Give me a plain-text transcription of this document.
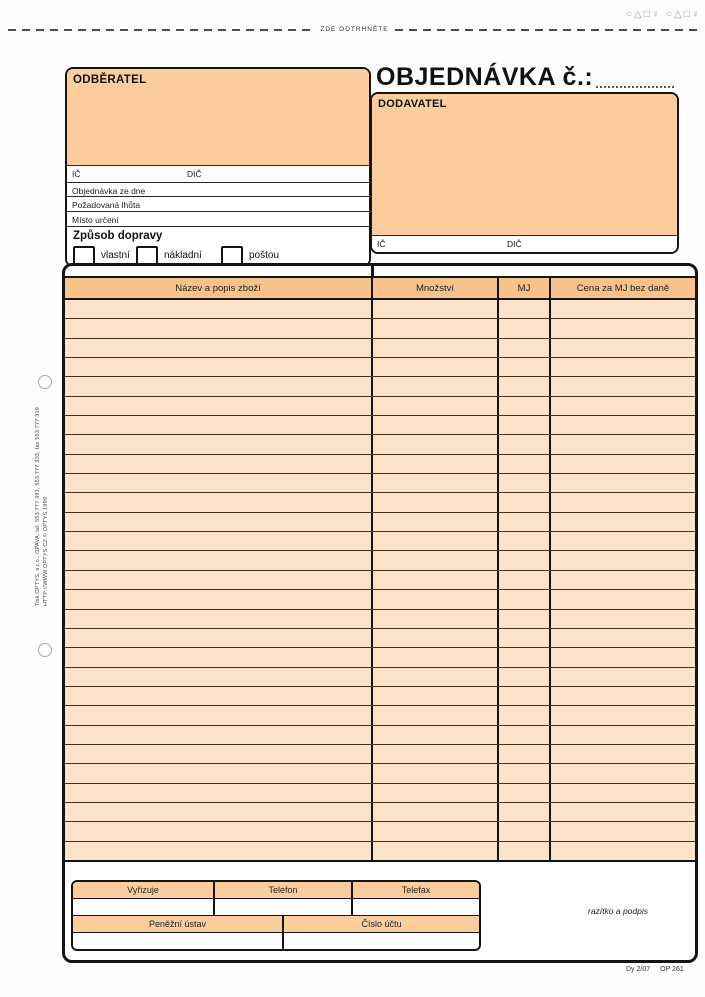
○△□♀ ○△□♀
ZDE ODTRHNĚTE
Tisk OPTYS, s.r.o., OPAVA, tel. 553 777 391, 553 777 333, fax 553 777 319 HTTP://WWW.OPTYS.CZ © OPTYS 1999
ODBĚRATEL
IČ	DIČ
Objednávka ze dne
Požadovaná lhůta
Místo určení
Způsob dopravy
vlastní	nákladní	poštou
OBJEDNÁVKA č.:
DODAVATEL
IČ	DIČ
Název a popis zboží	Množství	MJ	Cena za MJ bez daně
Vyřizuje	Telefon	Telefax
Peněžní ústav	Číslo účtu
razítko a podpis
Dy 2/07 OP 261
